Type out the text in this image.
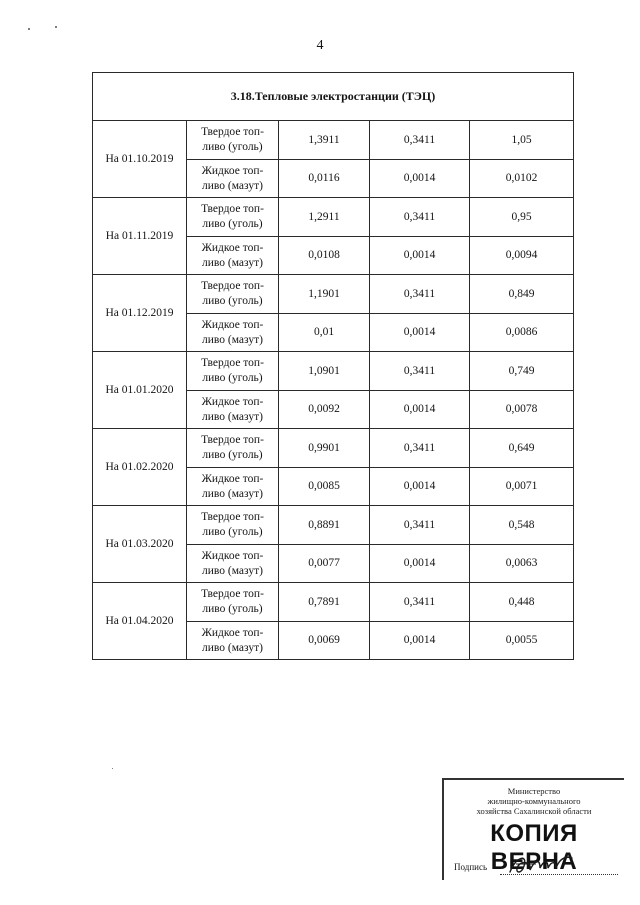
4
3.18.Тепловые электростанции (ТЭЦ)				
На 01.10.2019	Твердое топ-
ливо (уголь)	1,3911	0,3411	1,05

	Жидкое топ-
ливо (мазут)	0,0116	0,0014	0,0102
На 01.11.2019	Твердое топ-
ливо (уголь)	1,2911	0,3411	0,95

	Жидкое топ-
ливо (мазут)	0,0108	0,0014	0,0094
На 01.12.2019	Твердое топ-
ливо (уголь)	1,1901	0,3411	0,849

	Жидкое топ-
ливо (мазут)	0,01	0,0014	0,0086
На 01.01.2020	Твердое топ-
ливо (уголь)	1,0901	0,3411	0,749

	Жидкое топ-
ливо (мазут)	0,0092	0,0014	0,0078
На 01.02.2020	Твердое топ-
ливо (уголь)	0,9901	0,3411	0,649

	Жидкое топ-
ливо (мазут)	0,0085	0,0014	0,0071
На 01.03.2020	Твердое топ-
ливо (уголь)	0,8891	0,3411	0,548

	Жидкое топ-
ливо (мазут)	0,0077	0,0014	0,0063
На 01.04.2020	Твердое топ-
ливо (уголь)	0,7891	0,3411	0,448

	Жидкое топ-
ливо (мазут)	0,0069	0,0014	0,0055
Министерство
жилищно-коммунального
хозяйства Сахалинской области
КОПИЯ ВЕРНА
Подпись
